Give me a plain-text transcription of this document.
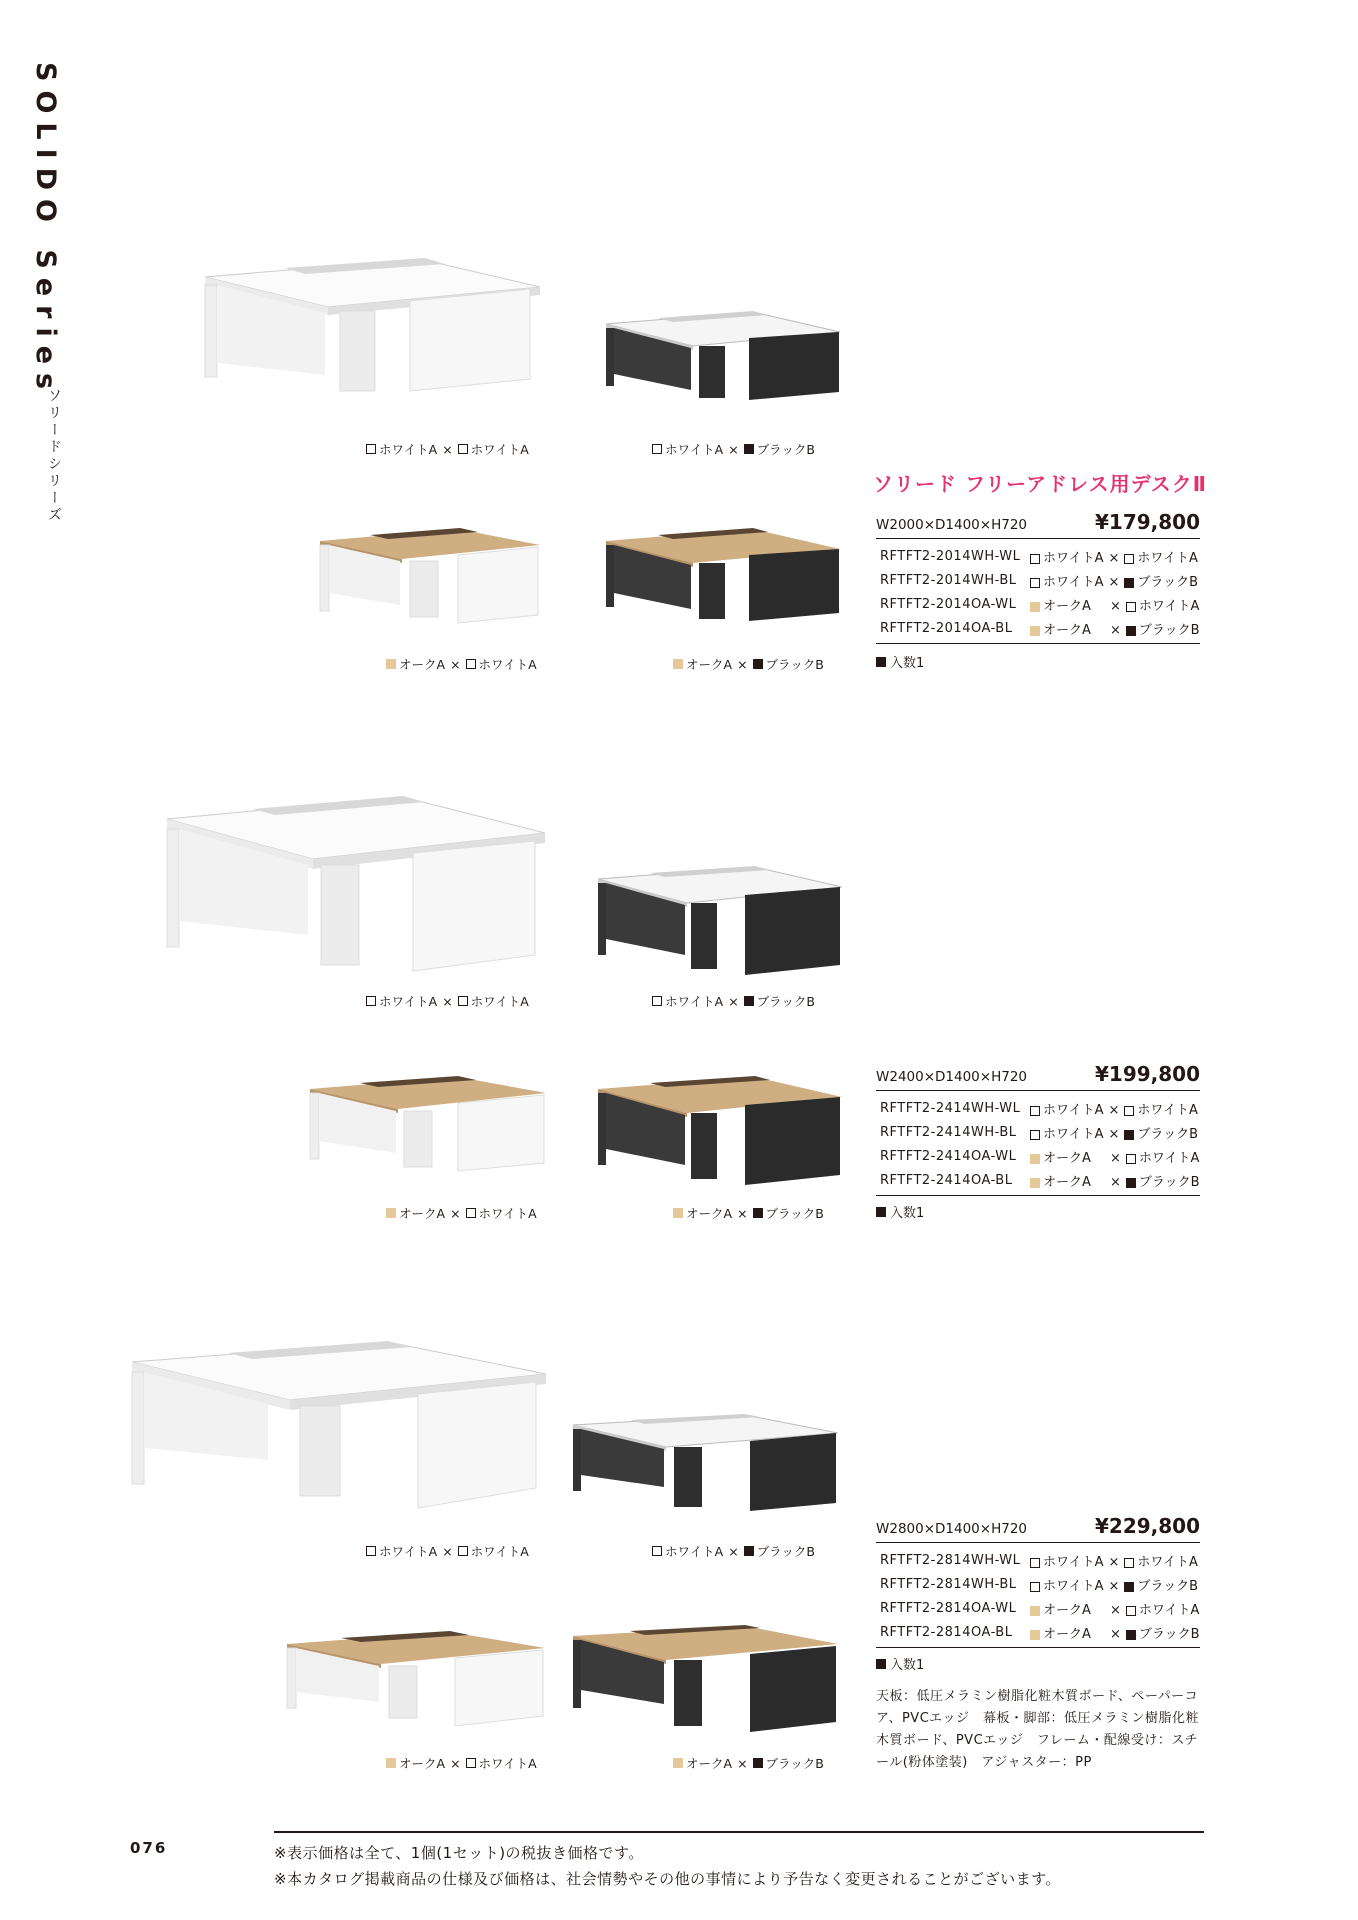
SOLIDO Series
ソリードシリーズ	ホワイトA × ホワイトA	ホワイトA × ブラックB
オークA × ホワイトA	オークA × ブラックB
ホワイトA × ホワイトA	ホワイトA × ブラックB
オークA × ホワイトA	オークA × ブラックB
ホワイトA × ホワイトA	ホワイトA × ブラックB
オークA × ホワイトA	オークA × ブラックB
ソリード フリーアドレス用デスクⅡ
W2000×D1400×H720	¥179,800
RFTFT2-2014WH-WL	ホワイトA × ホワイトA
RFTFT2-2014WH-BL	ホワイトA × ブラックB
RFTFT2-2014OA-WL	オークA × ホワイトA
RFTFT2-2014OA-BL	オークA × ブラックB
入数1
W2400×D1400×H720	¥199,800
RFTFT2-2414WH-WL	ホワイトA × ホワイトA
RFTFT2-2414WH-BL	ホワイトA × ブラックB
RFTFT2-2414OA-WL	オークA × ホワイトA
RFTFT2-2414OA-BL	オークA × ブラックB
入数1
W2800×D1400×H720	¥229,800
RFTFT2-2814WH-WL	ホワイトA × ホワイトA
RFTFT2-2814WH-BL	ホワイトA × ブラックB
RFTFT2-2814OA-WL	オークA × ホワイトA
RFTFT2-2814OA-BL	オークA × ブラックB
入数1
天板：低圧メラミン樹脂化粧木質ボード、ペーパーコア、PVCエッジ　幕板・脚部：低圧メラミン樹脂化粧木質ボード、PVCエッジ　フレーム・配線受け：スチール(粉体塗装)　アジャスター：PP
076	※表示価格は全て、1個(1セット)の税抜き価格です。
※本カタログ掲載商品の仕様及び価格は、社会情勢やその他の事情により予告なく変更されることがございます。
